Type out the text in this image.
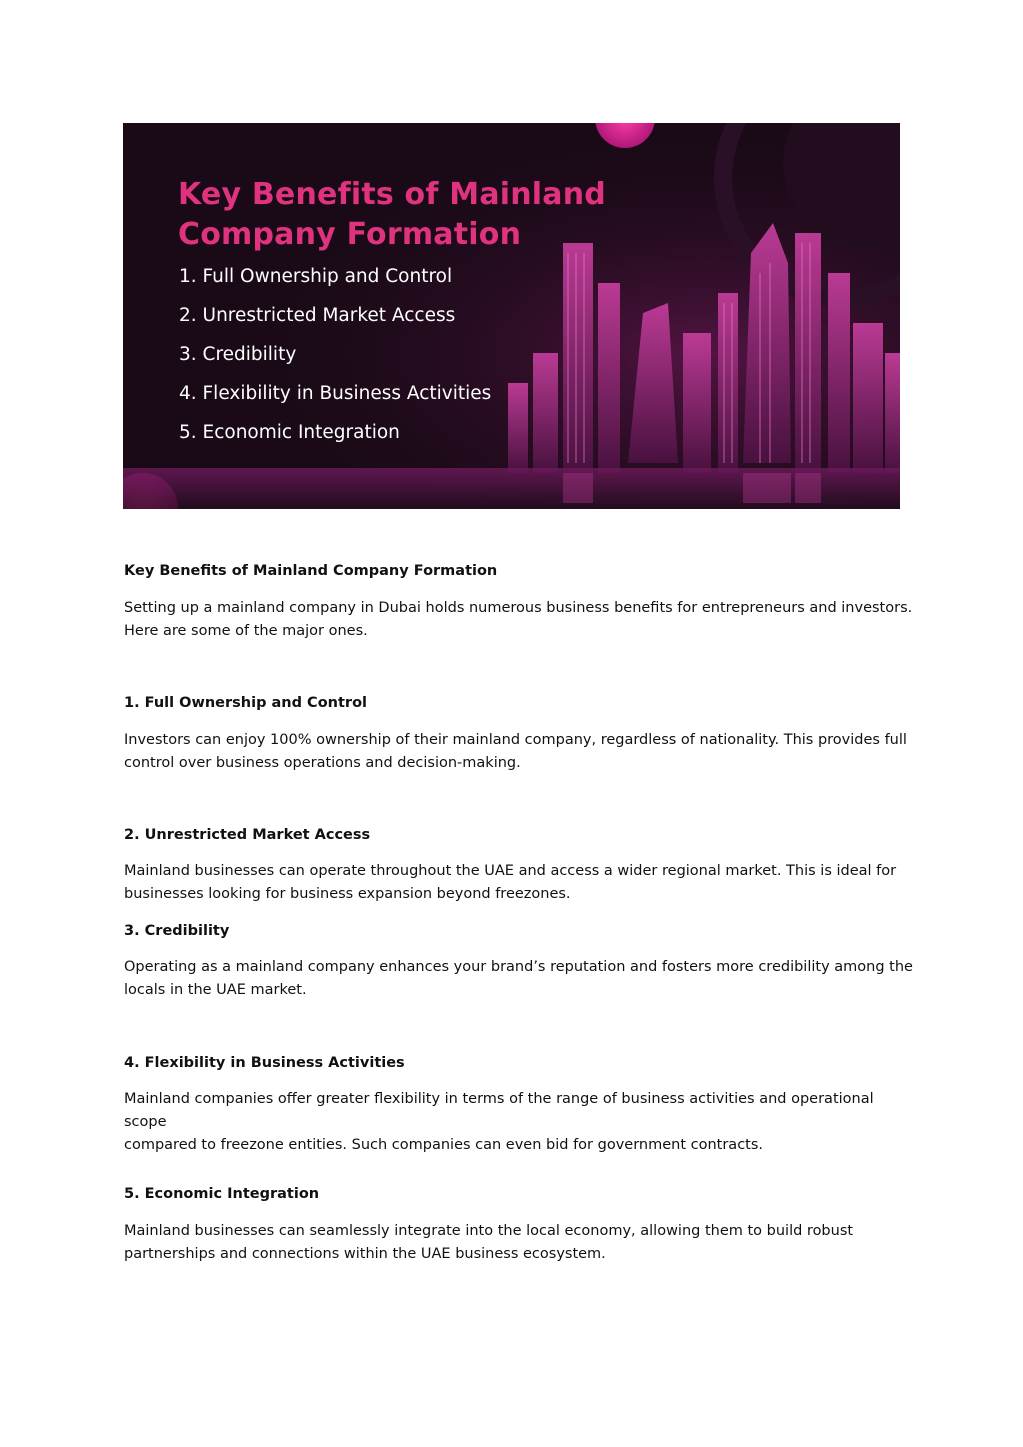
Key Benefits of Mainland
Company Formation
1. Full Ownership and Control
2. Unrestricted Market Access
3. Credibility
4. Flexibility in Business Activities
5. Economic Integration
Key Benefits of Mainland Company Formation

Setting up a mainland company in Dubai holds numerous business benefits for entrepreneurs and investors.
Here are some of the major ones.

1. Full Ownership and Control

Investors can enjoy 100% ownership of their mainland company, regardless of nationality. This provides full
control over business operations and decision-making.

2. Unrestricted Market Access

Mainland businesses can operate throughout the UAE and access a wider regional market. This is ideal for
businesses looking for business expansion beyond freezones.

3. Credibility

Operating as a mainland company enhances your brand’s reputation and fosters more credibility among the
locals in the UAE market.

4. Flexibility in Business Activities

Mainland companies offer greater flexibility in terms of the range of business activities and operational scope
compared to freezone entities. Such companies can even bid for government contracts.

5. Economic Integration

Mainland businesses can seamlessly integrate into the local economy, allowing them to build robust
partnerships and connections within the UAE business ecosystem.
